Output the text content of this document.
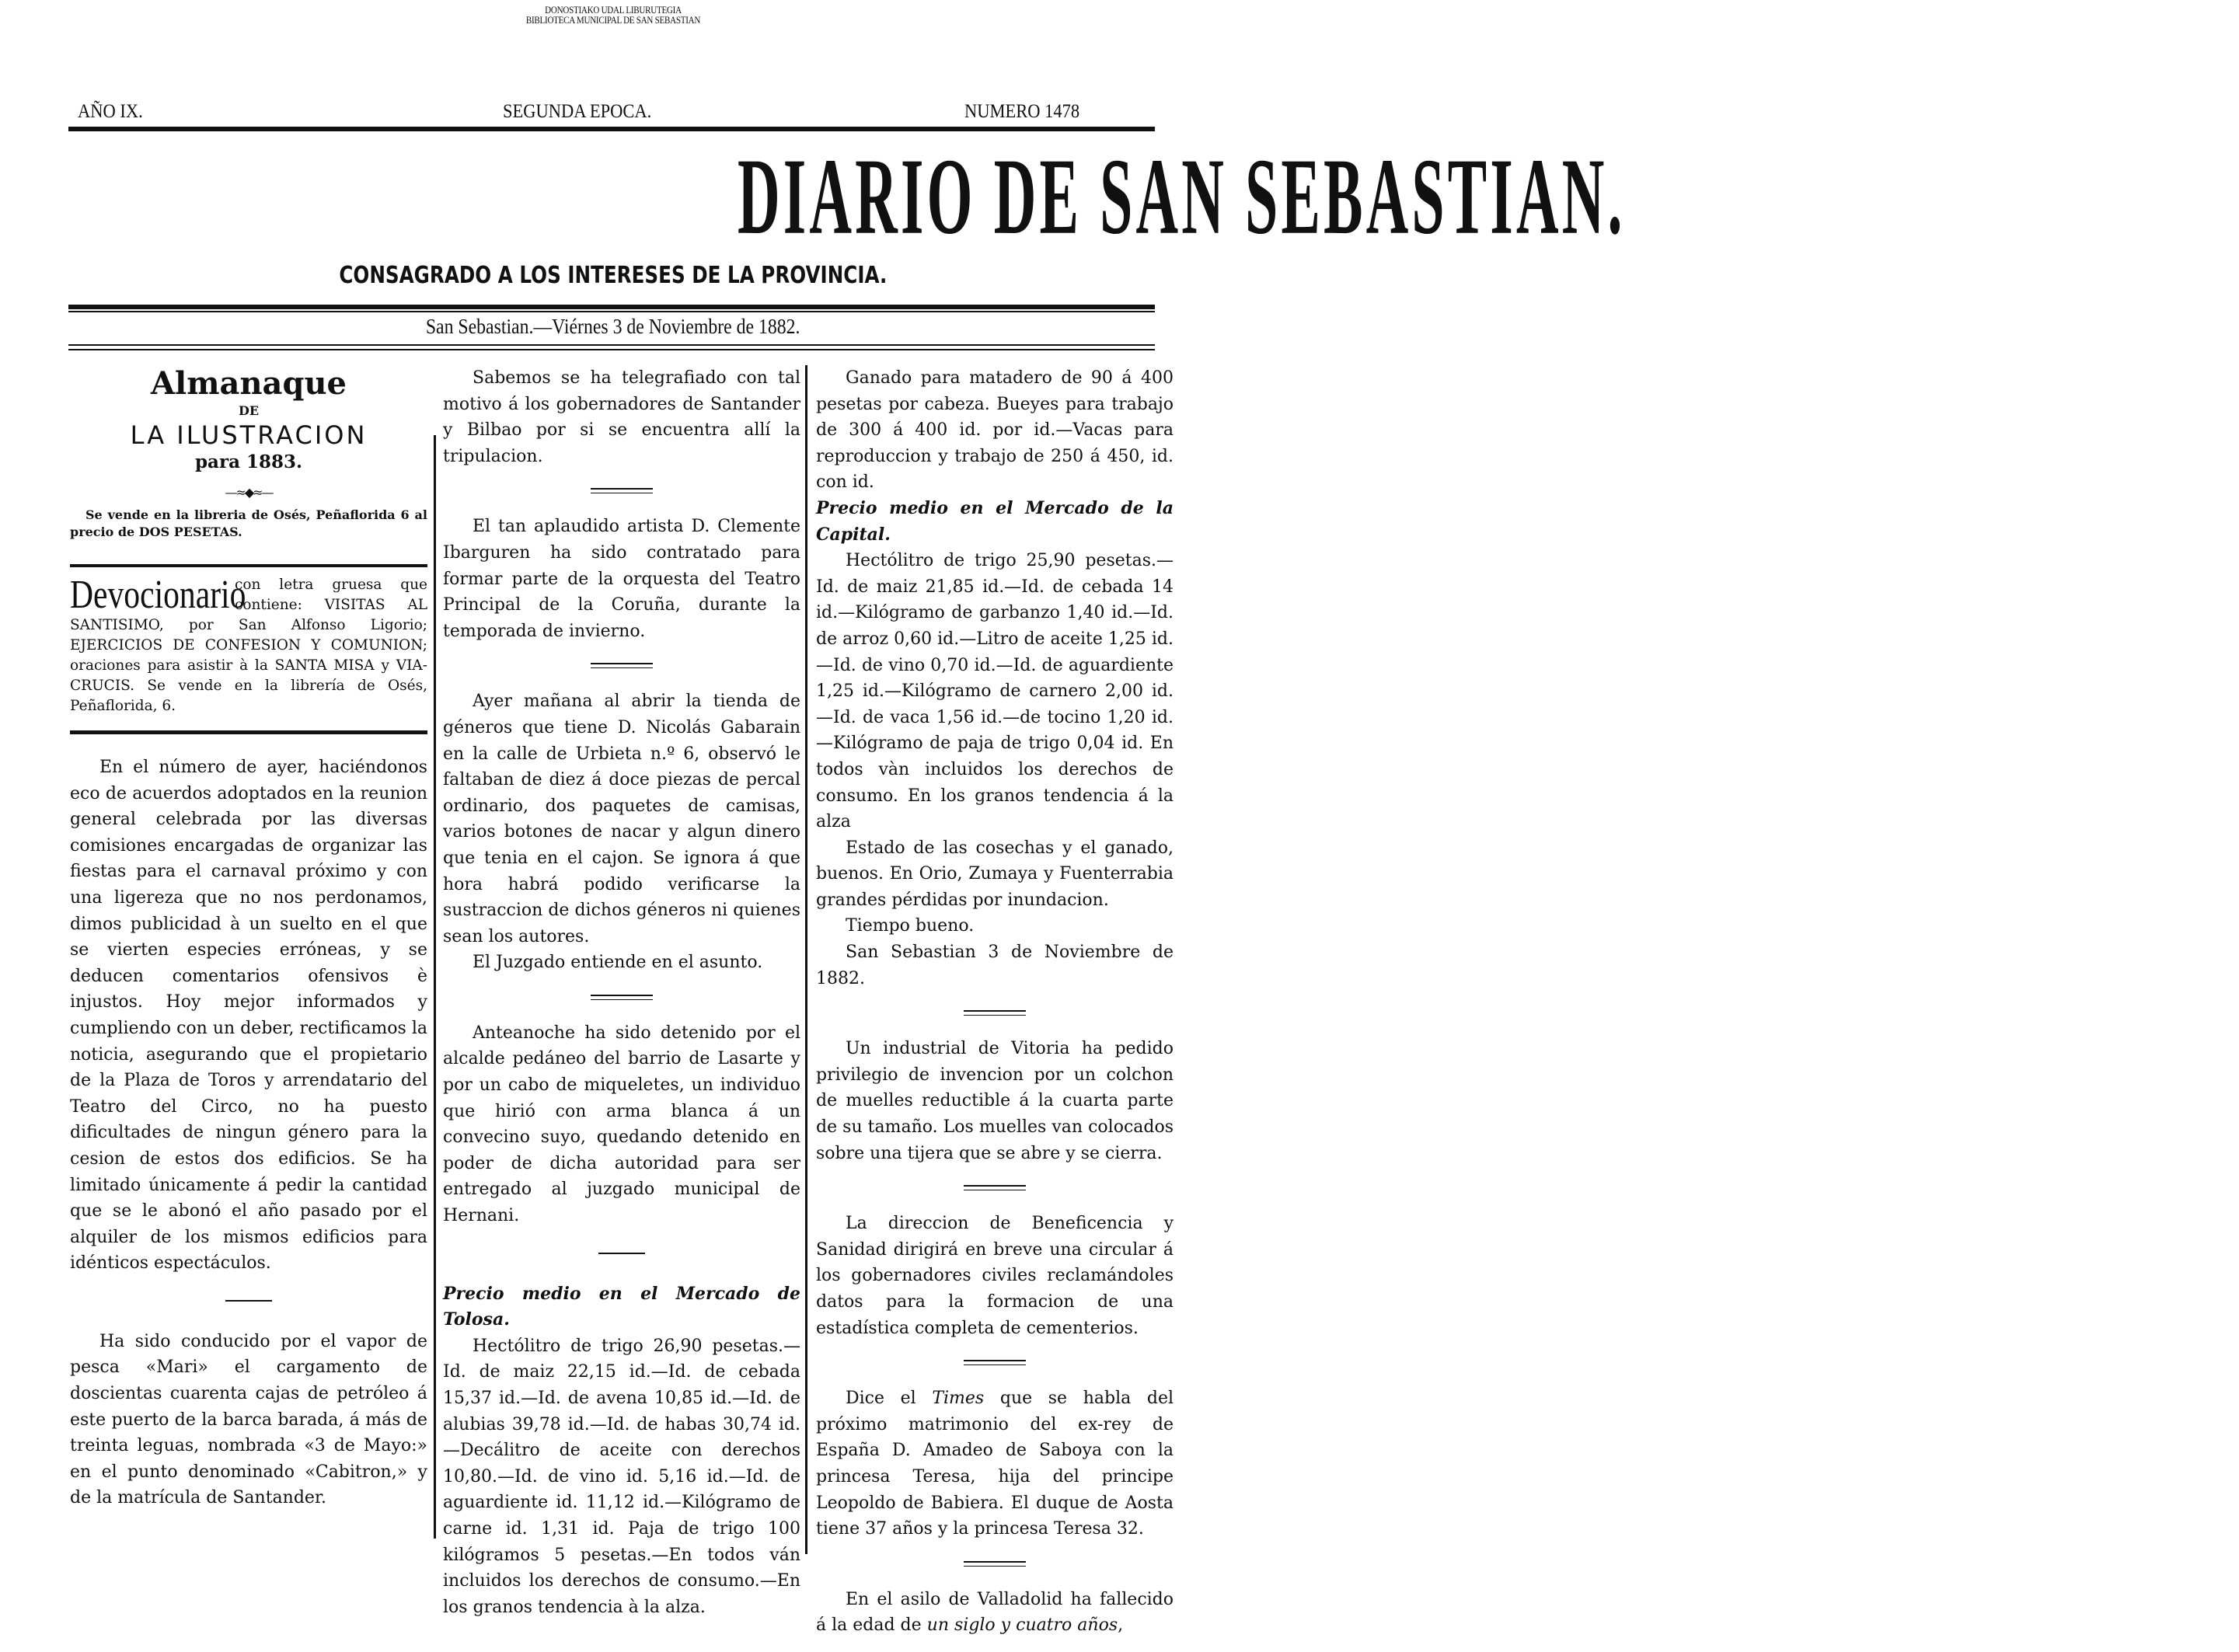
DONOSTIAKO UDAL LIBURUTEGIA
BIBLIOTECA MUNICIPAL DE SAN SEBASTIAN
AÑO IX.	SEGUNDA EPOCA.	NUMERO 1478
DIARIO DE SAN SEBASTIAN.
CONSAGRADO A LOS INTERESES DE LA PROVINCIA.
San Sebastian.—Viérnes 3 de Noviembre de 1882.
Almanaque
DE
LA ILUSTRACION
para 1883.
—≈◆≈—
Se vende en la libreria de Osés, Peñaflorida 6 al precio de DOS PESETAS.
Devocionario
con letra gruesa que contiene: VISITAS AL SANTISIMO, por San Alfonso Ligorio; EJERCICIOS DE CONFESION Y COMUNION; oraciones para asistir à la SANTA MISA y VIA-CRUCIS. Se vende en la librería de Osés, Peñaflorida, 6.

En el número de ayer, haciéndonos eco de acuerdos adoptados en la reunion general celebrada por las diversas comisiones encargadas de organizar las fiestas para el carnaval próximo y con una ligereza que no nos perdonamos, dimos publicidad à un suelto en el que se vierten especies erróneas, y se deducen comentarios ofensivos è injustos. Hoy mejor informados y cumpliendo con un deber, rectificamos la noticia, asegurando que el propietario de la Plaza de Toros y arrendatario del Teatro del Circo, no ha puesto dificultades de ningun género para la cesion de estos dos edificios. Se ha limitado únicamente á pedir la cantidad que se le abonó el año pasado por el alquiler de los mismos edificios para idénticos espectáculos.

Ha sido conducido por el vapor de pesca «Mari» el cargamento de doscientas cuarenta cajas de petróleo á este puerto de la barca barada, á más de treinta leguas, nombrada «3 de Mayo:» en el punto denominado «Cabitron,» y de la matrícula de Santander.

Sabemos se ha telegrafiado con tal motivo á los gobernadores de Santander y Bilbao por si se encuentra allí la tripulacion.

El tan aplaudido artista D. Clemente Ibarguren ha sido contratado para formar parte de la orquesta del Teatro Principal de la Coruña, durante la temporada de invierno.

Ayer mañana al abrir la tienda de géneros que tiene D. Nicolás Gabarain en la calle de Urbieta n.º 6, observó le faltaban de diez á doce piezas de percal ordinario, dos paquetes de camisas, varios botones de nacar y algun dinero que tenia en el cajon. Se ignora á que hora habrá podido verificarse la sustraccion de dichos géneros ni quienes sean los autores.

El Juzgado entiende en el asunto.

Anteanoche ha sido detenido por el alcalde pedáneo del barrio de Lasarte y por un cabo de miqueletes, un individuo que hirió con arma blanca á un convecino suyo, quedando detenido en poder de dicha autoridad para ser entregado al juzgado municipal de Hernani.

Precio medio en el Mercado de Tolosa.

Hectólitro de trigo 26,90 pesetas.—Id. de maiz 22,15 id.—Id. de cebada 15,37 id.—Id. de avena 10,85 id.—Id. de alubias 39,78 id.—Id. de habas 30,74 id.—Decálitro de aceite con derechos 10,80.—Id. de vino id. 5,16 id.—Id. de aguardiente id. 11,12 id.—Kilógramo de carne id. 1,31 id. Paja de trigo 100 kilógramos 5 pesetas.—En todos ván incluidos los derechos de consumo.—En los granos tendencia à la alza.

Ganado para matadero de 90 á 400 pesetas por cabeza. Bueyes para trabajo de 300 á 400 id. por id.—Vacas para reproduccion y trabajo de 250 á 450, id. con id.

Precio medio en el Mercado de la Capital.

Hectólitro de trigo 25,90 pesetas.—Id. de maiz 21,85 id.—Id. de cebada 14 id.—Kilógramo de garbanzo 1,40 id.—Id. de arroz 0,60 id.—Litro de aceite 1,25 id.—Id. de vino 0,70 id.—Id. de aguardiente 1,25 id.—Kilógramo de carnero 2,00 id.—Id. de vaca 1,56 id.—de tocino 1,20 id.—Kilógramo de paja de trigo 0,04 id. En todos vàn incluidos los derechos de consumo. En los granos tendencia á la alza

Estado de las cosechas y el ganado, buenos. En Orio, Zumaya y Fuenterrabia grandes pérdidas por inundacion.

Tiempo bueno.

San Sebastian 3 de Noviembre de 1882.

Un industrial de Vitoria ha pedido privilegio de invencion por un colchon de muelles reductible á la cuarta parte de su tamaño. Los muelles van colocados sobre una tijera que se abre y se cierra.

La direccion de Beneficencia y Sanidad dirigirá en breve una circular á los gobernadores civiles reclamándoles datos para la formacion de una estadística completa de cementerios.

Dice el Times que se habla del próximo matrimonio del ex-rey de España D. Amadeo de Saboya con la princesa Teresa, hija del principe Leopoldo de Babiera. El duque de Aosta tiene 37 años y la princesa Teresa 32.

En el asilo de Valladolid ha fallecido á la edad de un siglo y cuatro años,
